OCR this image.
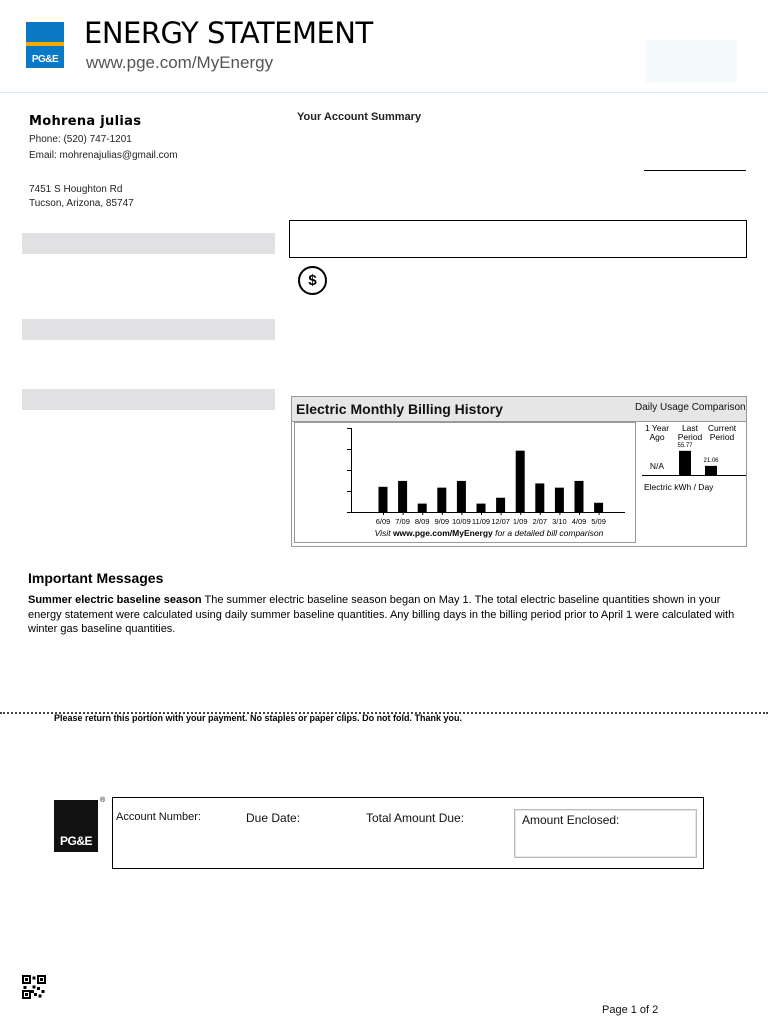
PG&E
ENERGY STATEMENT
www.pge.com/MyEnergy
Mohrena julias
Phone: (520) 747-1201
Email: mohrenajulias@gmail.com
7451 S Houghton Rd
Tucson, Arizona, 85747
Your Account Summary
$
Electric Monthly Billing History	Daily Usage Comparison
6/09 7/09 8/09 9/09 10/09 11/09 12/07 1/09 2/07 3/10 4/09 5/09
Visit www.pge.com/MyEnergy for a detailed bill comparison
1 Year
Ago
Last
Period
Current
Period
N/A
55.77
21.06
Electric kWh / Day
Important Messages
Summer electric baseline season The summer electric baseline season began on May 1. The total electric baseline quantities shown in your energy statement were calculated using daily summer baseline quantities. Any billing days in the billing period prior to April 1 were calculated with winter gas baseline quantities.
Please return this portion with your payment. No staples or paper clips. Do not fold. Thank you.
PG&E
®
Account Number:	Due Date:	Total Amount Due:	Amount Enclosed:
Page 1 of 2
